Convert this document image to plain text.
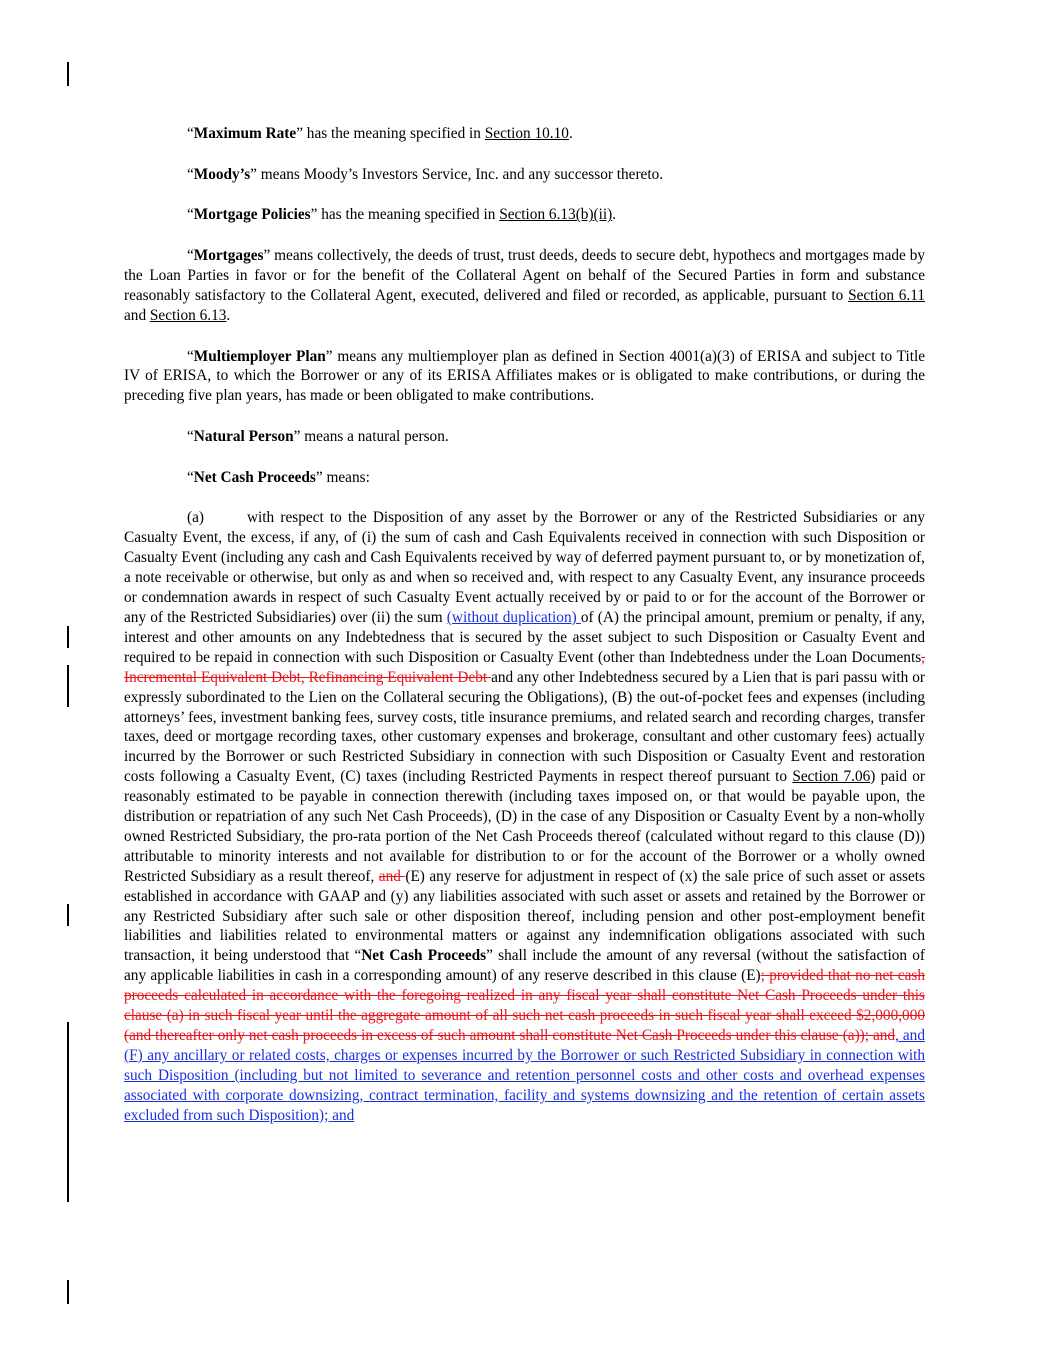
“Maximum Rate” has the meaning specified in Section 10.10.

“Moody’s” means Moody’s Investors Service, Inc. and any successor thereto.

“Mortgage Policies” has the meaning specified in Section 6.13(b)(ii).

“Mortgages” means collectively, the deeds of trust, trust deeds, deeds to secure debt, hypothecs and mortgages made by the Loan Parties in favor or for the benefit of the Collateral Agent on behalf of the Secured Parties in form and substance reasonably satisfactory to the Collateral Agent, executed, delivered and filed or recorded, as applicable, pursuant to Section 6.11 and Section 6.13.

“Multiemployer Plan” means any multiemployer plan as defined in Section 4001(a)(3) of ERISA and subject to Title IV of ERISA, to which the Borrower or any of its ERISA Affiliates makes or is obligated to make contributions, or during the preceding five plan years, has made or been obligated to make contributions.

“Natural Person” means a natural person.

“Net Cash Proceeds” means:

(a)	with respect to the Disposition of any asset by the Borrower or any of the Restricted Subsidiaries or any Casualty Event, the excess, if any, of (i) the sum of cash and Cash Equivalents received in connection with such Disposition or Casualty Event (including any cash and Cash Equivalents received by way of deferred payment pursuant to, or by monetization of, a note receivable or otherwise, but only as and when so received and, with respect to any Casualty Event, any insurance proceeds or condemnation awards in respect of such Casualty Event actually received by or paid to or for the account of the Borrower or any of the Restricted Subsidiaries) over (ii) the sum (without duplication) of (A) the principal amount, premium or penalty, if any, interest and other amounts on any Indebtedness that is secured by the asset subject to such Disposition or Casualty Event and required to be repaid in connection with such Disposition or Casualty Event (other than Indebtedness under the Loan Documents, Incremental Equivalent Debt, Refinancing Equivalent Debt and any other Indebtedness secured by a Lien that is pari passu with or expressly subordinated to the Lien on the Collateral securing the Obligations), (B) the out-of-pocket fees and expenses (including attorneys’ fees, investment banking fees, survey costs, title insurance premiums, and related search and recording charges, transfer taxes, deed or mortgage recording taxes, other customary expenses and brokerage, consultant and other customary fees) actually incurred by the Borrower or such Restricted Subsidiary in connection with such Disposition or Casualty Event and restoration costs following a Casualty Event, (C) taxes (including Restricted Payments in respect thereof pursuant to Section 7.06) paid or reasonably estimated to be payable in connection therewith (including taxes imposed on, or that would be payable upon, the distribution or repatriation of any such Net Cash Proceeds), (D) in the case of any Disposition or Casualty Event by a non-wholly owned Restricted Subsidiary, the pro-rata portion of the Net Cash Proceeds thereof (calculated without regard to this clause (D)) attributable to minority interests and not available for distribution to or for the account of the Borrower or a wholly owned Restricted Subsidiary as a result thereof, and (E) any reserve for adjustment in respect of (x) the sale price of such asset or assets established in accordance with GAAP and (y) any liabilities associated with such asset or assets and retained by the Borrower or any Restricted Subsidiary after such sale or other disposition thereof, including pension and other post-employment benefit liabilities and liabilities related to environmental matters or against any indemnification obligations associated with such transaction, it being understood that “Net Cash Proceeds” shall include the amount of any reversal (without the satisfaction of any applicable liabilities in cash in a corresponding amount) of any reserve described in this clause (E); provided that no net cash proceeds calculated in accordance with the foregoing realized in any fiscal year shall constitute Net Cash Proceeds under this clause (a) in such fiscal year until the aggregate amount of all such net cash proceeds in such fiscal year shall exceed $2,000,000 (and thereafter only net cash proceeds in excess of such amount shall constitute Net Cash Proceeds under this clause (a)); and, and (F) any ancillary or related costs, charges or expenses incurred by the Borrower or such Restricted Subsidiary in connection with such Disposition (including but not limited to severance and retention personnel costs and other costs and overhead expenses associated with corporate downsizing, contract termination, facility and systems downsizing and the retention of certain assets excluded from such Disposition); and
